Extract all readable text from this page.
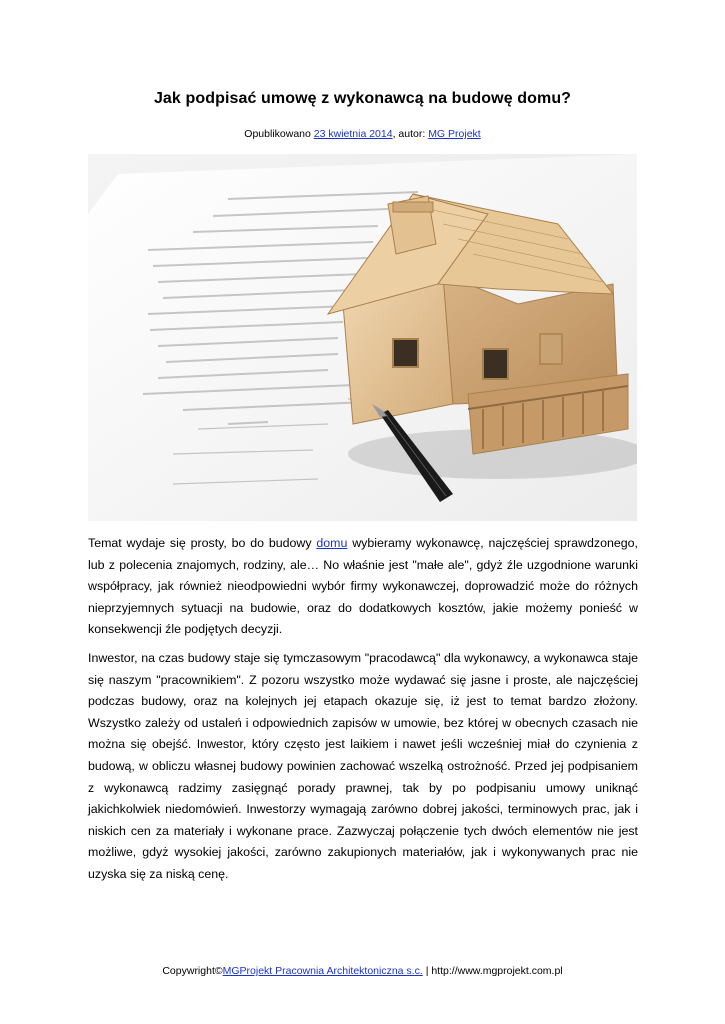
Jak podpisać umowę z wykonawcą na budowę domu?
Opublikowano 23 kwietnia 2014, autor: MG Projekt
Temat wydaje się prosty, bo do budowy domu wybieramy wykonawcę, najczęściej sprawdzonego, lub z polecenia znajomych, rodziny, ale… No właśnie jest "małe ale", gdyż źle uzgodnione warunki współpracy, jak również nieodpowiedni wybór firmy wykonawczej, doprowadzić może do różnych nieprzyjemnych sytuacji na budowie, oraz do dodatkowych kosztów, jakie możemy ponieść w konsekwencji źle podjętych decyzji.
Inwestor, na czas budowy staje się tymczasowym "pracodawcą" dla wykonawcy, a wykonawca staje się naszym "pracownikiem". Z pozoru wszystko może wydawać się jasne i proste, ale najczęściej podczas budowy, oraz na kolejnych jej etapach okazuje się, iż jest to temat bardzo złożony. Wszystko zależy od ustaleń i odpowiednich zapisów w umowie, bez której w obecnych czasach nie można się obejść. Inwestor, który często jest laikiem i nawet jeśli wcześniej miał do czynienia z budową, w obliczu własnej budowy powinien zachować wszelką ostrożność. Przed jej podpisaniem z wykonawcą radzimy zasięgnąć porady prawnej, tak by po podpisaniu umowy uniknąć jakichkolwiek niedomówień. Inwestorzy wymagają zarówno dobrej jakości, terminowych prac, jak i niskich cen za materiały i wykonane prace. Zazwyczaj połączenie tych dwóch elementów nie jest możliwe, gdyż wysokiej jakości, zarówno zakupionych materiałów, jak i wykonywanych prac nie uzyska się za niską cenę.
Copywright©MGProjekt Pracownia Architektoniczna s.c. | http://www.mgprojekt.com.pl
